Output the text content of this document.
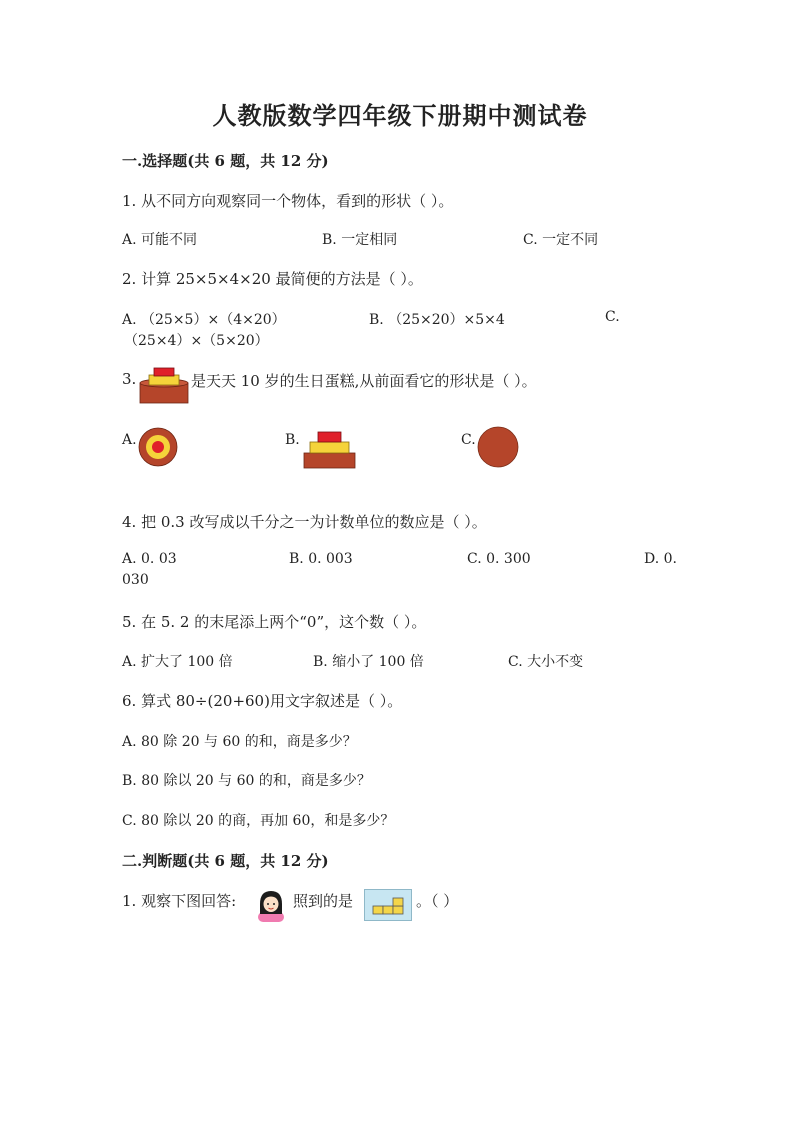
人教版数学四年级下册期中测试卷
一.选择题(共 6 题，共 12 分)
1. 从不同方向观察同一个物体，看到的形状（ ）。
A. 可能不同	B. 一定相同	C. 一定不同
2. 计算 25×5×4×20 最简便的方法是（ ）。
A. （25×5）×（4×20）	B. （25×20）×5×4	C.
（25×4）×（5×20）
3.	是天天 10 岁的生日蛋糕,从前面看它的形状是（ ）。
A.	B.	C.
4. 把 0.3 改写成以千分之一为计数单位的数应是（ ）。
A. 0. 03	B. 0. 003	C. 0. 300	D. 0.
030
5. 在 5. 2 的末尾添上两个“0”，这个数（ ）。
A. 扩大了 100 倍	B. 缩小了 100 倍	C. 大小不变
6. 算式 80÷(20+60)用文字叙述是（ ）。
A. 80 除 20 与 60 的和，商是多少？
B. 80 除以 20 与 60 的和，商是多少？
C. 80 除以 20 的商，再加 60，和是多少？
二.判断题(共 6 题，共 12 分)
1. 观察下图回答:	照到的是	。（ ）
